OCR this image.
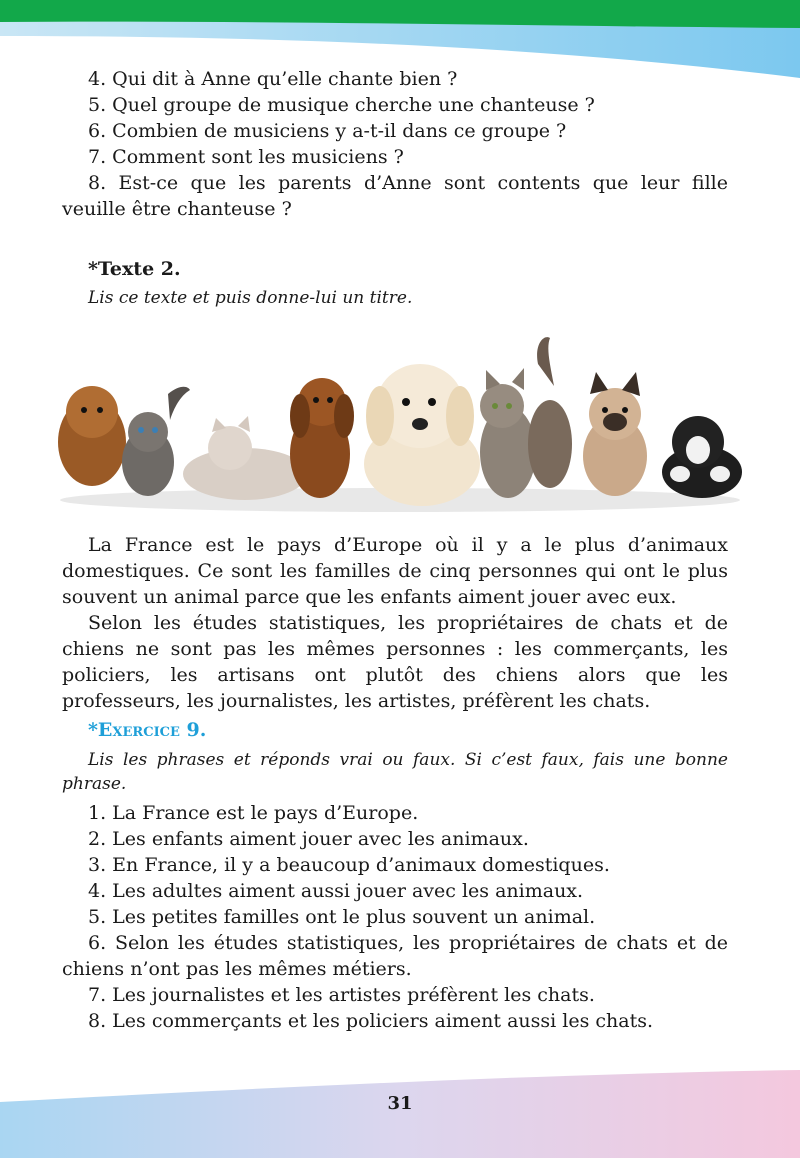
4. Qui dit à Anne qu’elle chante bien ?

5. Quel groupe de musique cherche une chanteuse ?

6. Combien de musiciens y a-t-il dans ce groupe ?

7. Comment sont les musiciens ?

8. Est-ce que les parents d’Anne sont contents que leur fille veuille être chanteuse ?

*Texte 2.

Lis ce texte et puis donne-lui un titre.

La France est le pays d’Europe où il y a le plus d’animaux domestiques. Ce sont les familles de cinq personnes qui ont le plus souvent un animal parce que les enfants aiment jouer avec eux.

Selon les études statistiques, les propriétaires de chats et de chiens ne sont pas les mêmes personnes : les commerçants, les policiers, les artisans ont plutôt des chiens alors que les professeurs, les journalistes, les artistes, préfèrent les chats.

*Exercice 9.

Lis les phrases et réponds vrai ou faux. Si c’est faux, fais une bonne phrase.

1. La France est le pays d’Europe.

2. Les enfants aiment jouer avec les animaux.

3. En France, il y a beaucoup d’animaux domestiques.

4. Les adultes aiment aussi jouer avec les animaux.

5. Les petites familles ont le plus souvent un animal.

6. Selon les études statistiques, les propriétaires de chats et de chiens n’ont pas les mêmes métiers.

7. Les journalistes et les artistes préfèrent les chats.

8. Les commerçants et les policiers aiment aussi les chats.

31
